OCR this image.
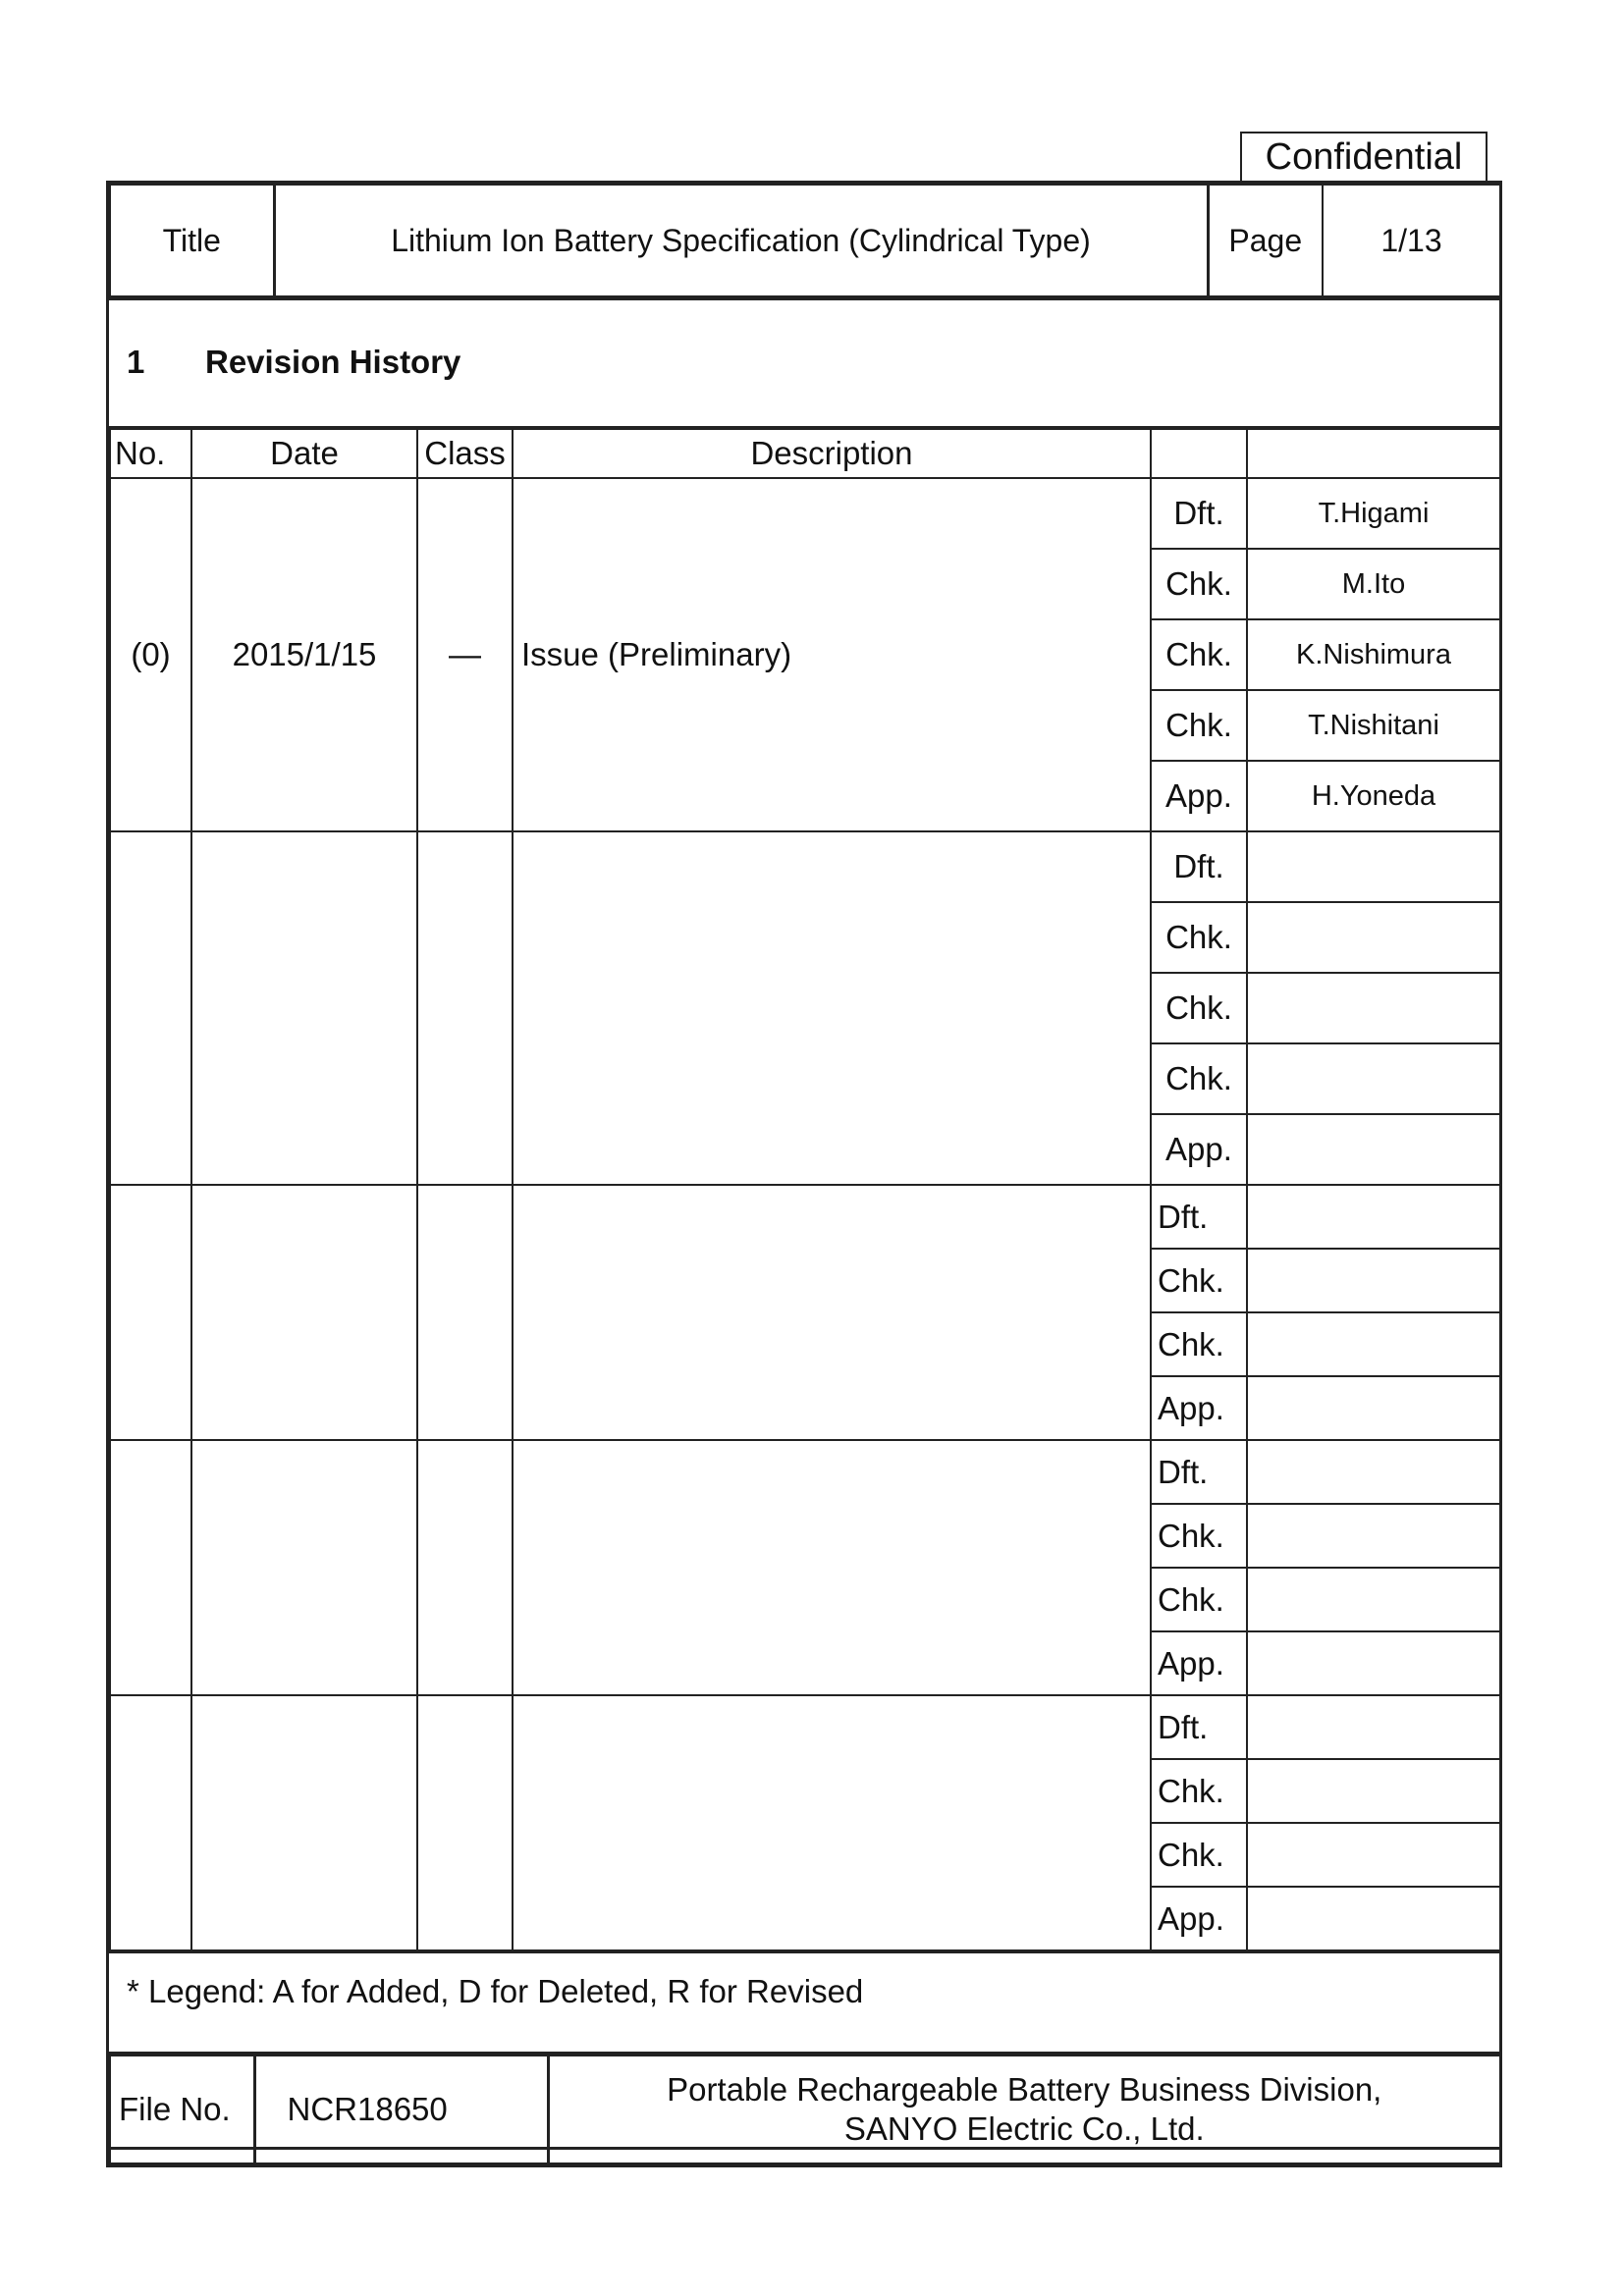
Confidential
Title	Lithium Ion Battery Specification (Cylindrical Type)	Page	1/13
1 Revision History
No.	Date	Class	Description		
(0)	2015/1/15	—	Issue (Preliminary)	Dft.	T.Higami
				Chk.	M.Ito
				Chk.	K.Nishimura
				Chk.	T.Nishitani
				App.	H.Yoneda
				Dft.	
				Chk.	
				Chk.	
				Chk.	
				App.	
				Dft.	
				Chk.	
				Chk.	
				App.	
				Dft.	
				Chk.	
				Chk.	
				App.	
				Dft.	
				Chk.	
				Chk.	
				App.	
* Legend: A for Added, D for Deleted, R for Revised
File No.	NCR18650	
Portable Rechargeable Battery Business Division,
SANYO Electric Co., Ltd.
